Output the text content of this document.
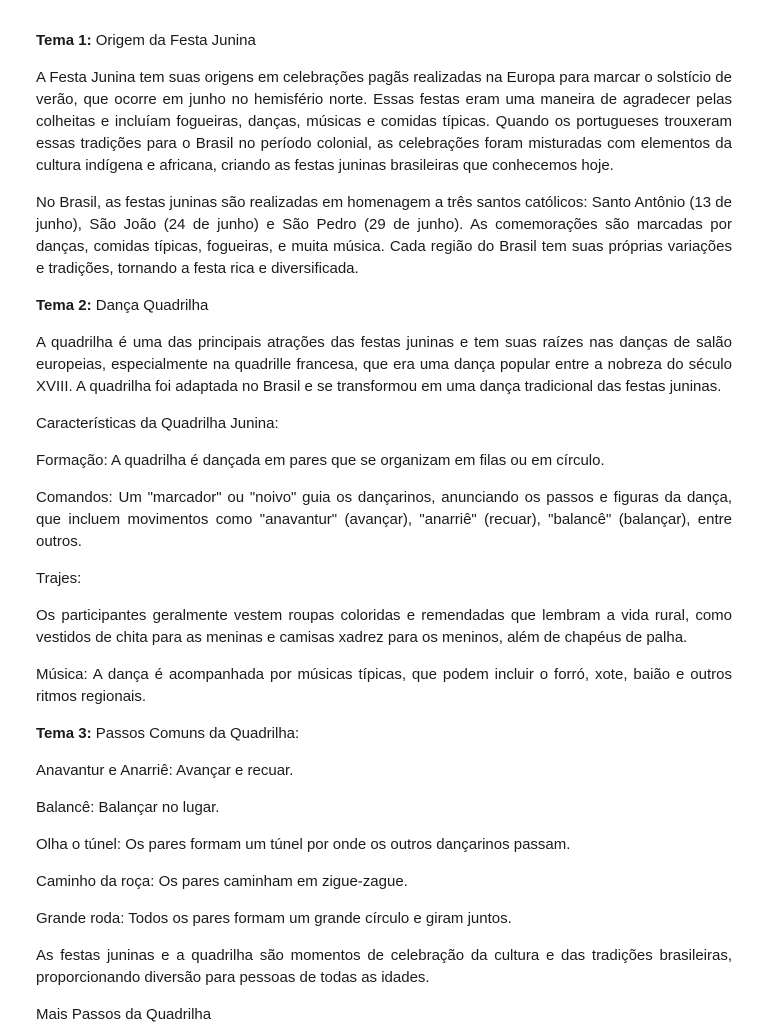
Tema 1: Origem da Festa Junina

A Festa Junina tem suas origens em celebrações pagãs realizadas na Europa para marcar o solstício de verão, que ocorre em junho no hemisfério norte. Essas festas eram uma maneira de agradecer pelas colheitas e incluíam fogueiras, danças, músicas e comidas típicas. Quando os portugueses trouxeram essas tradições para o Brasil no período colonial, as celebrações foram misturadas com elementos da cultura indígena e africana, criando as festas juninas brasileiras que conhecemos hoje.

No Brasil, as festas juninas são realizadas em homenagem a três santos católicos: Santo Antônio (13 de junho), São João (24 de junho) e São Pedro (29 de junho). As comemorações são marcadas por danças, comidas típicas, fogueiras, e muita música. Cada região do Brasil tem suas próprias variações e tradições, tornando a festa rica e diversificada.

Tema 2: Dança Quadrilha

A quadrilha é uma das principais atrações das festas juninas e tem suas raízes nas danças de salão europeias, especialmente na quadrille francesa, que era uma dança popular entre a nobreza do século XVIII. A quadrilha foi adaptada no Brasil e se transformou em uma dança tradicional das festas juninas.

Características da Quadrilha Junina:

Formação: A quadrilha é dançada em pares que se organizam em filas ou em círculo.

Comandos: Um "marcador" ou "noivo" guia os dançarinos, anunciando os passos e figuras da dança, que incluem movimentos como "anavantur" (avançar), "anarriê" (recuar), "balancê" (balançar), entre outros.

Trajes:

Os participantes geralmente vestem roupas coloridas e remendadas que lembram a vida rural, como vestidos de chita para as meninas e camisas xadrez para os meninos, além de chapéus de palha.

Música: A dança é acompanhada por músicas típicas, que podem incluir o forró, xote, baião e outros ritmos regionais.

Tema 3: Passos Comuns da Quadrilha:

Anavantur e Anarriê: Avançar e recuar.

Balancê: Balançar no lugar.

Olha o túnel: Os pares formam um túnel por onde os outros dançarinos passam.

Caminho da roça: Os pares caminham em zigue-zague.

Grande roda: Todos os pares formam um grande círculo e giram juntos.

As festas juninas e a quadrilha são momentos de celebração da cultura e das tradições brasileiras, proporcionando diversão para pessoas de todas as idades.

Mais Passos da Quadrilha
